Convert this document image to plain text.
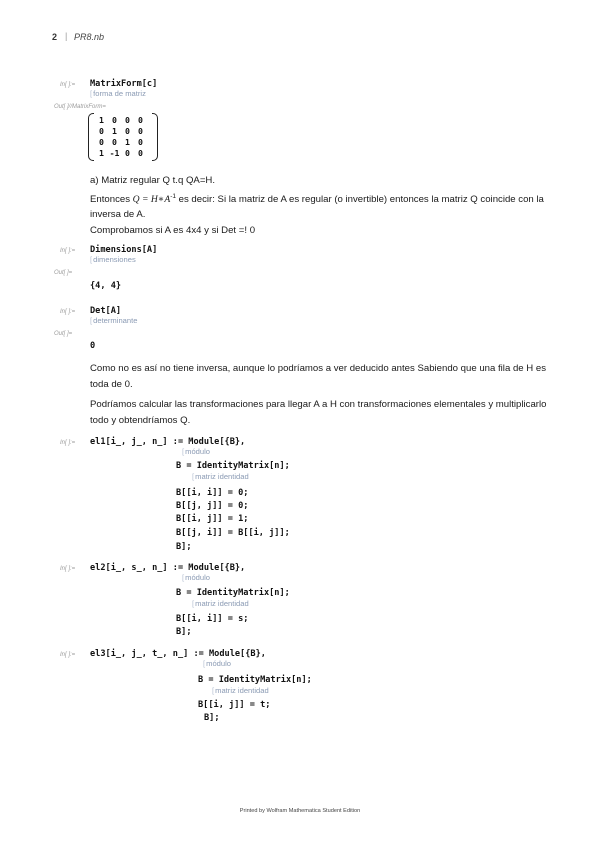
2 | PR8.nb
In[ ]:= MatrixForm[c]
[ forma de matriz
Out[ ]//MatrixForm=
1	0	0	0
0	1	0	0
0	0	1	0
1	-1	0	0
a) Matriz regular Q t.q QA=H.
Entonces $Q = H∗A^{-1}$ es decir: Si la matriz de A es regular (o invertible) entonces la matriz Q coincide con la inversa de A.
Comprobamos si A es 4x4 y si Det =! 0
In[ ]:= Dimensions[A]
[ dimensiones
Out[ ]=
{4, 4}
In[ ]:= Det[A]
[ determinante
Out[ ]=
0
Como no es así no tiene inversa, aunque lo podríamos a ver deducido antes Sabiendo que una fila de H es toda de 0.
Podríamos calcular las transformaciones para llegar A a H con transformaciones elementales y multiplicarlo todo y obtendríamos Q.
In[ ]:= el1[i_, j_, n_] := Module[{B},
[ módulo
B = IdentityMatrix[n];
[ matriz identidad
B[[i, i]] = 0;
B[[j, j]] = 0;
B[[i, j]] = 1;
B[[j, i]] = B[[i, j]];
B];
In[ ]:= el2[i_, s_, n_] := Module[{B},
[ módulo
B = IdentityMatrix[n];
[ matriz identidad
B[[i, i]] = s;
B];
In[ ]:= el3[i_, j_, t_, n_] := Module[{B},
[ módulo
B = IdentityMatrix[n];
[ matriz identidad
B[[i, j]] = t;
B];
Printed by Wolfram Mathematica Student Edition
